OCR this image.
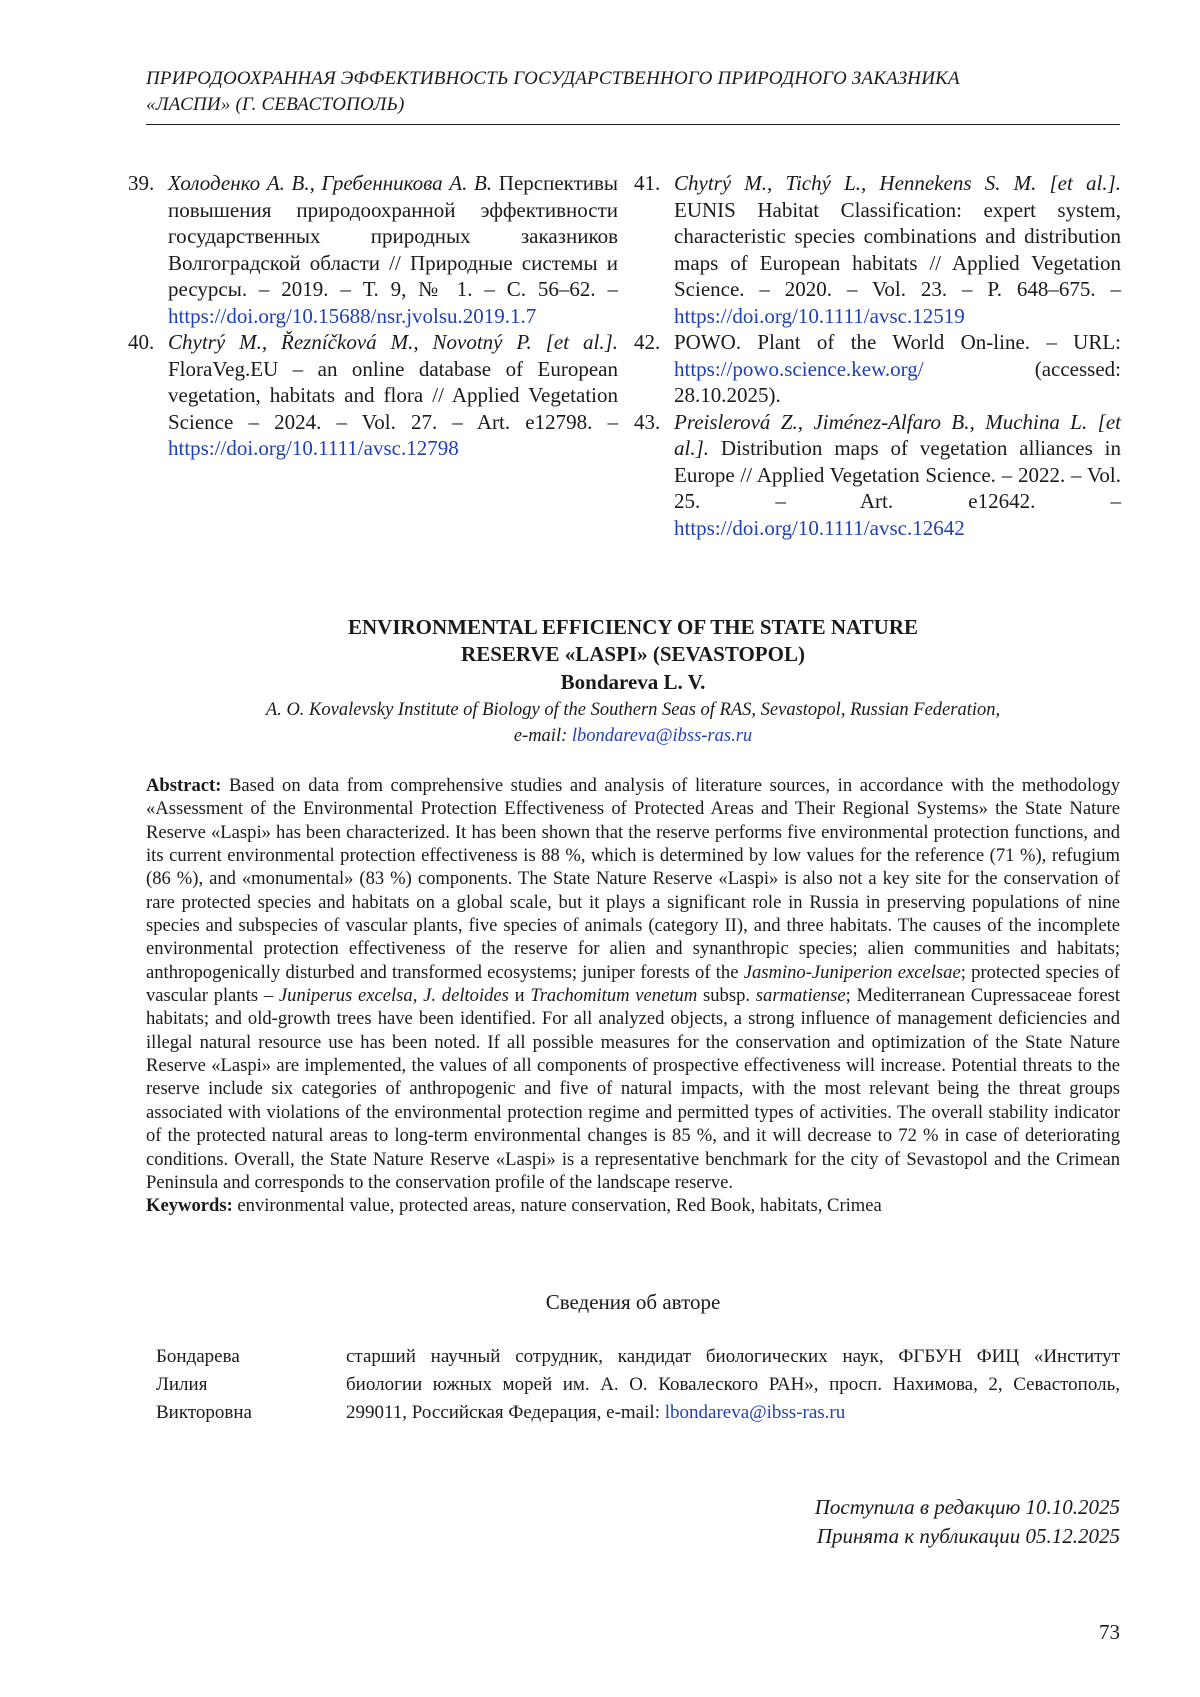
ПРИРОДООХРАННАЯ ЭФФЕКТИВНОСТЬ ГОСУДАРСТВЕННОГО ПРИРОДНОГО ЗАКАЗНИКА
«ЛАСПИ» (Г. СЕВАСТОПОЛЬ)
39. Холоденко А. В., Гребенникова А. В. Перспективы повышения природоохранной эффективности государственных природных заказников Волгоградской области // Природные системы и ресурсы. – 2019. – Т. 9, № 1. – С. 56–62. – https://doi.org/10.15688/nsr.jvolsu.2019.1.7
40. Chytrý M., Řezníčková M., Novotný P. [et al.]. FloraVeg.EU – an online database of European vegetation, habitats and flora // Applied Vegetation Science – 2024. – Vol. 27. – Art. e12798. – https://doi.org/10.1111/avsc.12798
41. Chytrý M., Tichý L., Hennekens S. M. [et al.]. EUNIS Habitat Classification: expert system, characteristic species combinations and distribution maps of European habitats // Applied Vegetation Science. – 2020. – Vol. 23. – P. 648–675. – https://doi.org/10.1111/avsc.12519
42. POWO. Plant of the World On-line. – URL: https://powo.science.kew.org/ (accessed: 28.10.2025).
43. Preislerová Z., Jiménez-Alfaro B., Muchina L. [et al.]. Distribution maps of vegetation alliances in Europe // Applied Vegetation Science. – 2022. – Vol. 25. – Art. e12642. – https://doi.org/10.1111/avsc.12642
ENVIRONMENTAL EFFICIENCY OF THE STATE NATURE
RESERVE «LASPI» (SEVASTOPOL)
Bondareva L. V.
A. O. Kovalevsky Institute of Biology of the Southern Seas of RAS, Sevastopol, Russian Federation,
e-mail: lbondareva@ibss-ras.ru
Abstract: Based on data from comprehensive studies and analysis of literature sources, in accordance with the methodology «Assessment of the Environmental Protection Effectiveness of Protected Areas and Their Regional Systems» the State Nature Reserve «Laspi» has been characterized. It has been shown that the reserve performs five environmental protection functions, and its current environmental protection effectiveness is 88 %, which is determined by low values for the reference (71 %), refugium (86 %), and «monumental» (83 %) components. The State Nature Reserve «Laspi» is also not a key site for the conservation of rare protected species and habitats on a global scale, but it plays a significant role in Russia in preserving populations of nine species and subspecies of vascular plants, five species of animals (category II), and three habitats. The causes of the incomplete environmental protection effectiveness of the reserve for alien and synanthropic species; alien communities and habitats; anthropogenically disturbed and transformed ecosystems; juniper forests of the Jasmino-Juniperion excelsae; protected species of vascular plants – Juniperus excelsa, J. deltoides и Trachomitum venetum subsp. sarmatiense; Mediterranean Cupressaceae forest habitats; and old-growth trees have been identified. For all analyzed objects, a strong influence of management deficiencies and illegal natural resource use has been noted. If all possible measures for the conservation and optimization of the State Nature Reserve «Laspi» are implemented, the values of all components of prospective effectiveness will increase. Potential threats to the reserve include six categories of anthropogenic and five of natural impacts, with the most relevant being the threat groups associated with violations of the environmental protection regime and permitted types of activities. The overall stability indicator of the protected natural areas to long-term environmental changes is 85 %, and it will decrease to 72 % in case of deteriorating conditions. Overall, the State Nature Reserve «Laspi» is a representative benchmark for the city of Sevastopol and the Crimean Peninsula and corresponds to the conservation profile of the landscape reserve.
Keywords: environmental value, protected areas, nature conservation, Red Book, habitats, Crimea
Сведения об авторе
Бондарева
Лилия
Викторовна
старший научный сотрудник, кандидат биологических наук, ФГБУН ФИЦ «Институт биологии южных морей им. А. О. Ковалеского РАН», просп. Нахимова, 2, Севастополь, 299011, Российская Федерация, e-mail: lbondareva@ibss-ras.ru
Поступила в редакцию 10.10.2025
Принята к публикации 05.12.2025
73
